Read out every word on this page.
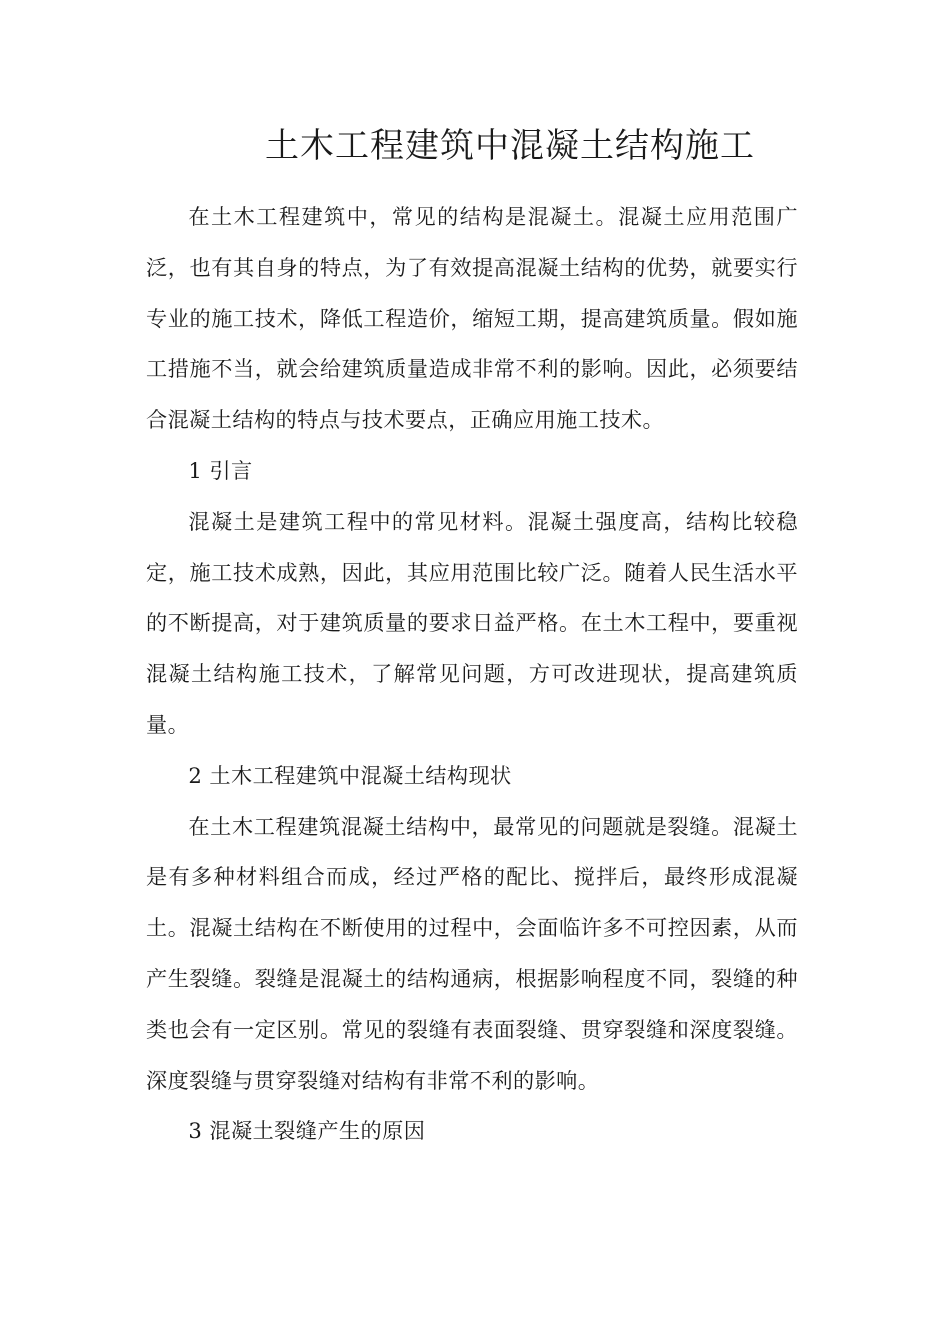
土木工程建筑中混凝土结构施工

在土木工程建筑中，常见的结构是混凝土。混凝土应用范围广泛，也有其自身的特点，为了有效提高混凝土结构的优势，就要实行专业的施工技术，降低工程造价，缩短工期，提高建筑质量。假如施工措施不当，就会给建筑质量造成非常不利的影响。因此，必须要结合混凝土结构的特点与技术要点，正确应用施工技术。

1 引言

混凝土是建筑工程中的常见材料。混凝土强度高，结构比较稳定，施工技术成熟，因此，其应用范围比较广泛。随着人民生活水平的不断提高，对于建筑质量的要求日益严格。在土木工程中，要重视混凝土结构施工技术，了解常见问题，方可改进现状，提高建筑质量。

2 土木工程建筑中混凝土结构现状

在土木工程建筑混凝土结构中，最常见的问题就是裂缝。混凝土是有多种材料组合而成，经过严格的配比、搅拌后，最终形成混凝土。混凝土结构在不断使用的过程中，会面临许多不可控因素，从而产生裂缝。裂缝是混凝土的结构通病，根据影响程度不同，裂缝的种类也会有一定区别。常见的裂缝有表面裂缝、贯穿裂缝和深度裂缝。深度裂缝与贯穿裂缝对结构有非常不利的影响。

3 混凝土裂缝产生的原因
